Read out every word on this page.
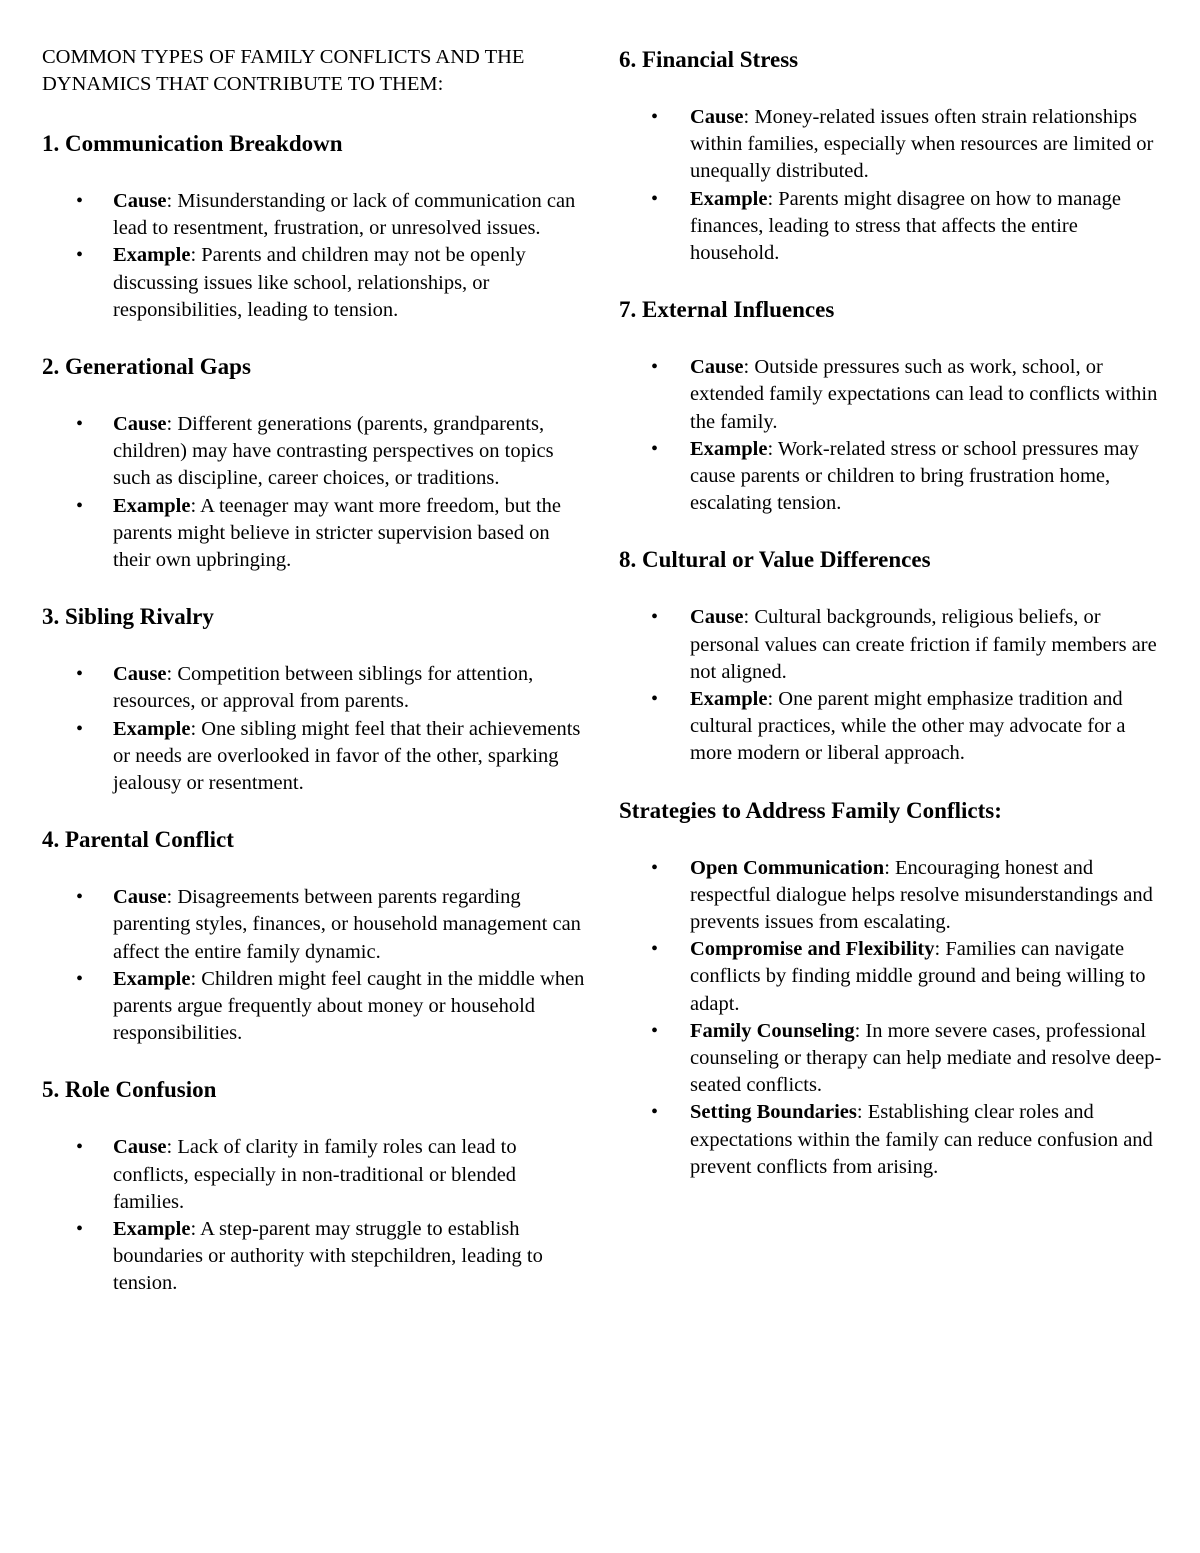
COMMON TYPES OF FAMILY CONFLICTS AND THE DYNAMICS THAT CONTRIBUTE TO THEM:
1. Communication Breakdown
• Cause: Misunderstanding or lack of communication can lead to resentment, frustration, or unresolved issues.
• Example: Parents and children may not be openly discussing issues like school, relationships, or responsibilities, leading to tension.
2. Generational Gaps
• Cause: Different generations (parents, grandparents, children) may have contrasting perspectives on topics such as discipline, career choices, or traditions.
• Example: A teenager may want more freedom, but the parents might believe in stricter supervision based on their own upbringing.
3. Sibling Rivalry
• Cause: Competition between siblings for attention, resources, or approval from parents.
• Example: One sibling might feel that their achievements or needs are overlooked in favor of the other, sparking jealousy or resentment.
4. Parental Conflict
• Cause: Disagreements between parents regarding parenting styles, finances, or household management can affect the entire family dynamic.
• Example: Children might feel caught in the middle when parents argue frequently about money or household responsibilities.
5. Role Confusion
• Cause: Lack of clarity in family roles can lead to conflicts, especially in non-traditional or blended families.
• Example: A step-parent may struggle to establish boundaries or authority with stepchildren, leading to tension.
6. Financial Stress
• Cause: Money-related issues often strain relationships within families, especially when resources are limited or unequally distributed.
• Example: Parents might disagree on how to manage finances, leading to stress that affects the entire household.
7. External Influences
• Cause: Outside pressures such as work, school, or extended family expectations can lead to conflicts within the family.
• Example: Work-related stress or school pressures may cause parents or children to bring frustration home, escalating tension.
8. Cultural or Value Differences
• Cause: Cultural backgrounds, religious beliefs, or personal values can create friction if family members are not aligned.
• Example: One parent might emphasize tradition and cultural practices, while the other may advocate for a more modern or liberal approach.
Strategies to Address Family Conflicts:
• Open Communication: Encouraging honest and respectful dialogue helps resolve misunderstandings and prevents issues from escalating.
• Compromise and Flexibility: Families can navigate conflicts by finding middle ground and being willing to adapt.
• Family Counseling: In more severe cases, professional counseling or therapy can help mediate and resolve deep-seated conflicts.
• Setting Boundaries: Establishing clear roles and expectations within the family can reduce confusion and prevent conflicts from arising.
